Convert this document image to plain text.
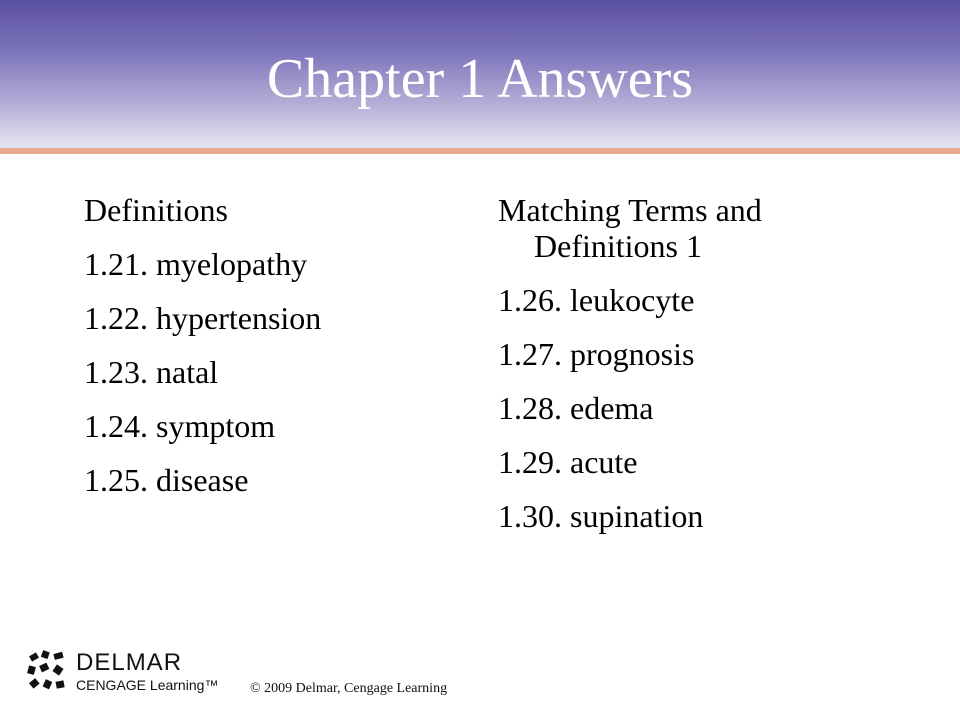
Chapter 1 Answers
Definitions
1.21. myelopathy
1.22. hypertension
1.23. natal
1.24. symptom
1.25. disease
Matching Terms and Definitions 1
1.26. leukocyte
1.27. prognosis
1.28. edema
1.29. acute
1.30. supination
DELMAR
CENGAGE Learning™ © 2009 Delmar, Cengage Learning
